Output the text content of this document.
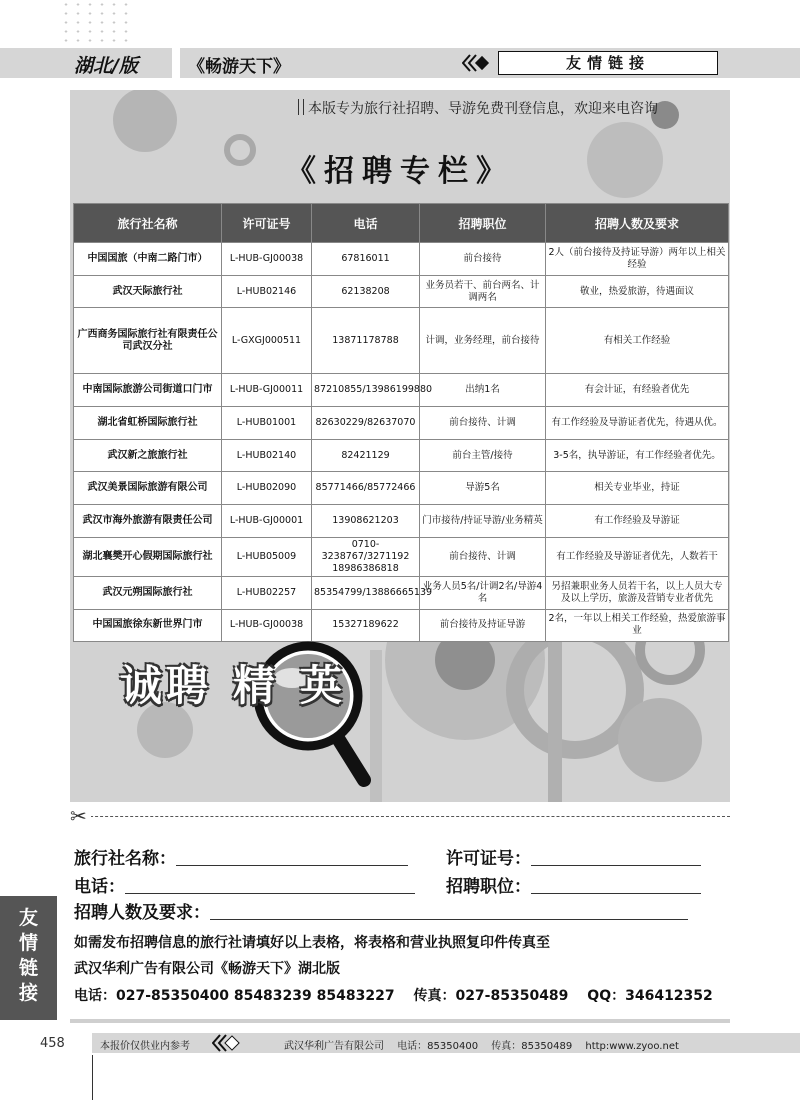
湖北/版	《畅游天下》	友情链接
本版专为旅行社招聘、导游免费刊登信息，欢迎来电咨询
《招聘专栏》
旅行社名称	许可证号	电话	招聘职位	招聘人数及要求
中国国旅（中南二路门市）	L-HUB-GJ00038	67816011	前台接待	2人（前台接待及持证导游）两年以上相关经验
武汉天际旅行社	L-HUB02146	62138208	业务员若干、前台两名、计调两名	敬业，热爱旅游，待遇面议
广西商务国际旅行社有限责任公司武汉分社	L-GXGJ000511	13871178788	计调，业务经理，前台接待	有相关工作经验
中南国际旅游公司街道口门市	L-HUB-GJ00011	87210855/13986199880	出纳1名	有会计证，有经验者优先
湖北省虹桥国际旅行社	L-HUB01001	82630229/82637070	前台接待、计调	有工作经验及导游证者优先，待遇从优。
武汉新之旅旅行社	L-HUB02140	82421129	前台主管/接待	3-5名，执导游证，有工作经验者优先。
武汉美景国际旅游有限公司	L-HUB02090	85771466/85772466	导游5名	相关专业毕业，持证
武汉市海外旅游有限责任公司	L-HUB-GJ00001	13908621203	门市接待/持证导游/业务精英	有工作经验及导游证
湖北襄樊开心假期国际旅行社	L-HUB05009	0710-3238767/3271192 18986386818	前台接待、计调	有工作经验及导游证者优先，人数若干
武汉元朔国际旅行社	L-HUB02257	85354799/13886665139	业务人员5名/计调2名/导游4名	另招兼职业务人员若干名，以上人员大专及以上学历，旅游及营销专业者优先
中国国旅徐东新世界门市	L-HUB-GJ00038	15327189622	前台接待及持证导游	2名，一年以上相关工作经验，热爱旅游事业
诚聘 精 英
✂
旅行社名称：	许可证号：
电话：	招聘职位：
招聘人数及要求：
友
情
链
接
如需发布招聘信息的旅行社请填好以上表格，将表格和营业执照复印件传真至
武汉华利广告有限公司《畅游天下》湖北版
电话：027-85350400 85483239 85483227 传真：027-85350489 QQ：346412352
458	本报价仅供业内参考	武汉华利广告有限公司 电话：85350400 传真：85350489 http:www.zyoo.net
